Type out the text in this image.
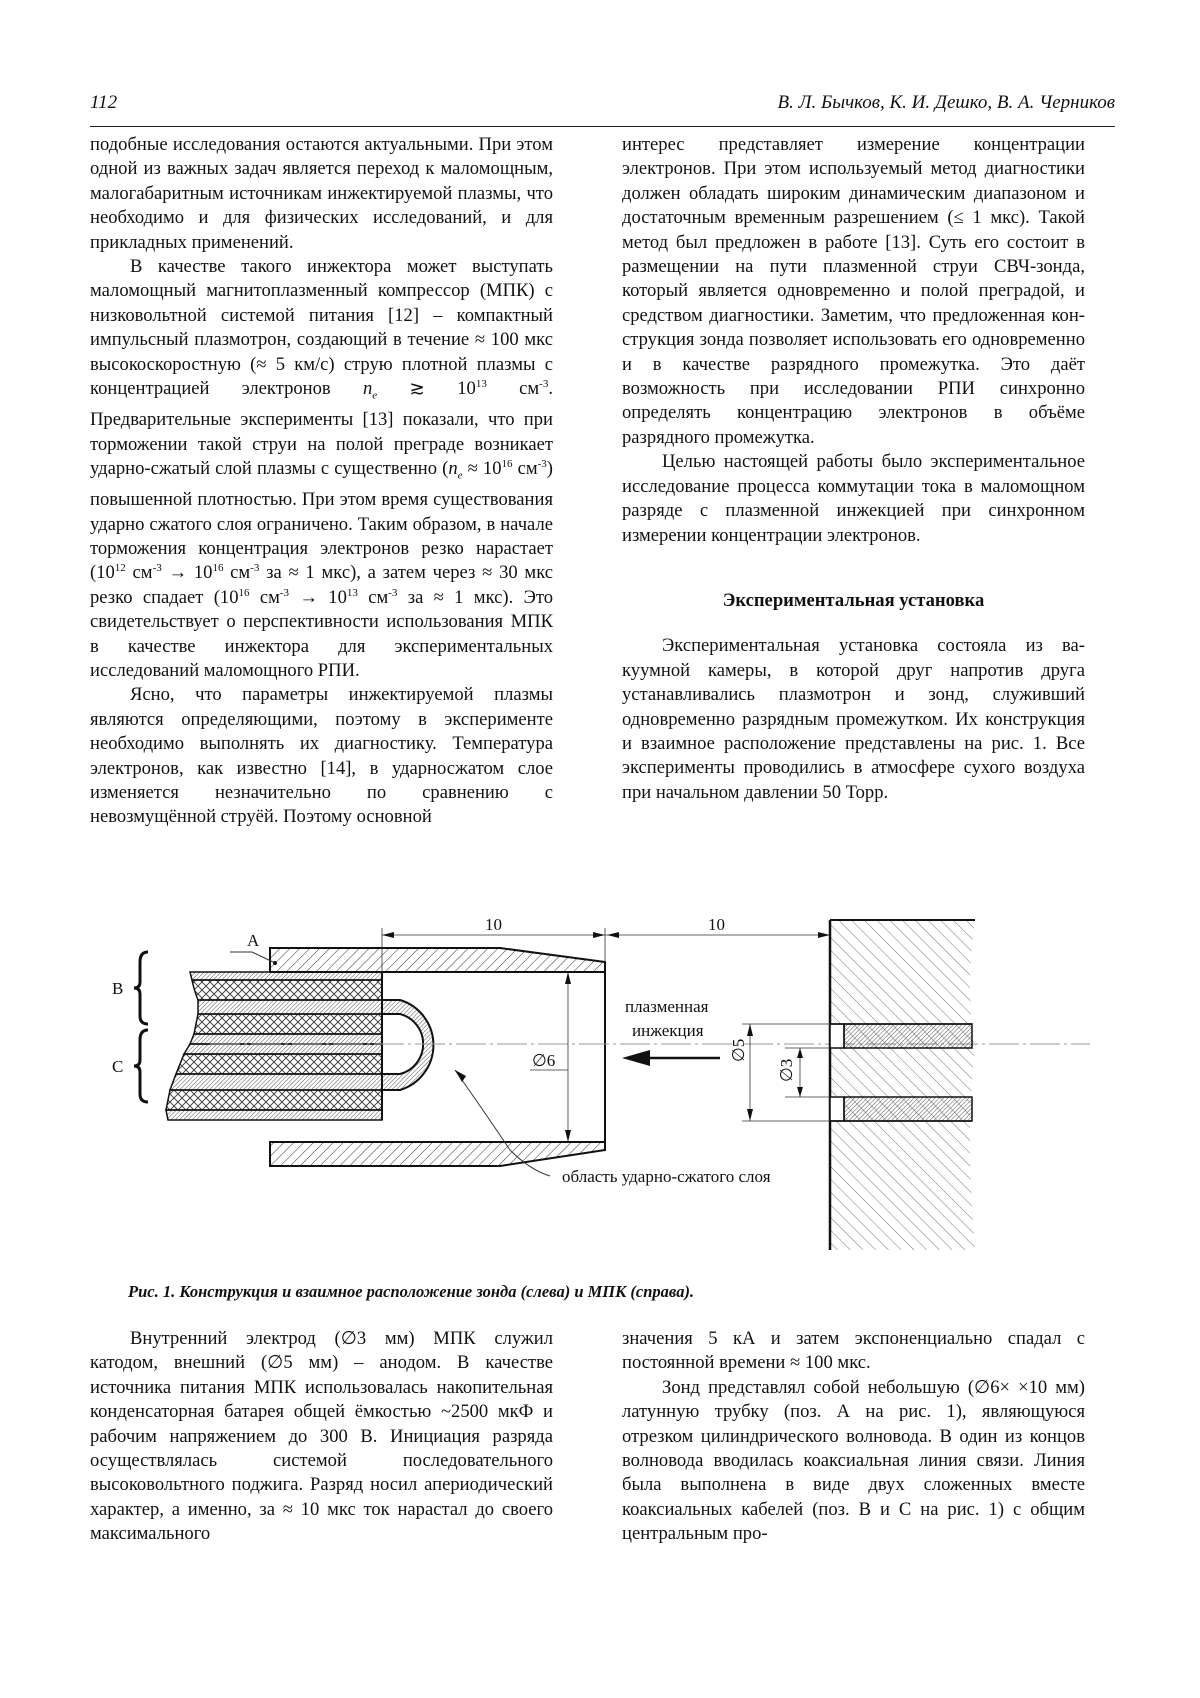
112	В. Л. Бычков, К. И. Дешко, В. А. Черников

подобные исследования остаются актуальными. При этом одной из важных задач является переход к маломощным, малогабаритным источникам инжектируемой плазмы, что необходимо и для физических исследований, и для прикладных применений.

В качестве такого инжектора может выступать маломощный магнитоплазменный компрессор (МПК) с низковольтной системой питания [12] – компактный импульсный плазмотрон, создающий в течение ≈ 100 мкс высокоскоростную (≈ 5 км/с) струю плотной плазмы с концентрацией электронов $n_e$ ≳ $10^{13}$ $см^{-3}$. Предварительные эксперименты [13] показали, что при торможении такой струи на полой преграде возникает ударно-сжатый слой плазмы с существенно ($n_e \approx 10^{16}$ $см^{-3}$) повышенной плотностью. При этом время существования ударно сжатого слоя ограничено. Таким образом, в начале торможения концентрация электронов резко нарастает ($10^{12}$ $см^{-3} \to 10^{16}$ $см^{-3}$ за ≈ 1 мкс), а затем через ≈ 30 мкс резко спадает ($10^{16}$ $см^{-3} \to 10^{13}$ $см^{-3}$ за ≈ 1 мкс). Это свидетельствует о перспективности использования МПК в качестве инжектора для экспериментальных исследований маломощного РПИ.

Ясно, что параметры инжектируемой плазмы являются определяющими, поэтому в эксперименте необходимо выполнять их диагностику. Температура электронов, как известно [14], в ударносжатом слое изменяется незначительно по сравнению с невозмущённой струёй. Поэтому основной

интерес представляет измерение концентрации электронов. При этом используемый метод диагностики должен обладать широким динамическим диапазоном и достаточным временным разрешением (≤ 1 мкс). Такой метод был предложен в работе [13]. Суть его состоит в размещении на пути плазменной струи СВЧ-зонда, который является одновременно и полой преградой, и средством диагностики. Заметим, что предложенная конструкция зонда позволяет использовать его одновременно и в качестве разрядного промежутка. Это даёт возможность при исследовании РПИ синхронно определять концентрацию электронов в объёме разрядного промежутка.

Целью настоящей работы было экспериментальное исследование процесса коммутации тока в маломощном разряде с плазменной инжекцией при синхронном измерении концентрации электронов.

Экспериментальная установка

Экспериментальная установка состояла из вакуумной камеры, в которой друг напротив друга устанавливались плазмотрон и зонд, служивший одновременно разрядным промежутком. Их конструкция и взаимное расположение представлены на рис. 1. Все эксперименты проводились в атмосфере сухого воздуха при начальном давлении 50 Торр.

B
C
A
10	10
∅6
плазменная
инжекция
область ударно-сжатого слоя
∅5
∅3
Рис. 1. Конструкция и взаимное расположение зонда (слева) и МПК (справа).

Внутренний электрод (∅3 мм) МПК служил катодом, внешний (∅5 мм) – анодом. В качестве источника питания МПК использовалась накопительная конденсаторная батарея общей ёмкостью ~2500 мкФ и рабочим напряжением до 300 В. Инициация разряда осуществлялась системой последовательного высоковольтного поджига. Разряд носил апериодический характер, а именно, за ≈ 10 мкс ток нарастал до своего максимального

значения 5 кА и затем экспоненциально спадал с постоянной времени ≈ 100 мкс.

Зонд представлял собой небольшую (∅6× ×10 мм) латунную трубку (поз. А на рис. 1), являющуюся отрезком цилиндрического волновода. В один из концов волновода вводилась коаксиальная линия связи. Линия была выполнена в виде двух сложенных вместе коаксиальных кабелей (поз. B и С на рис. 1) с общим центральным про-
